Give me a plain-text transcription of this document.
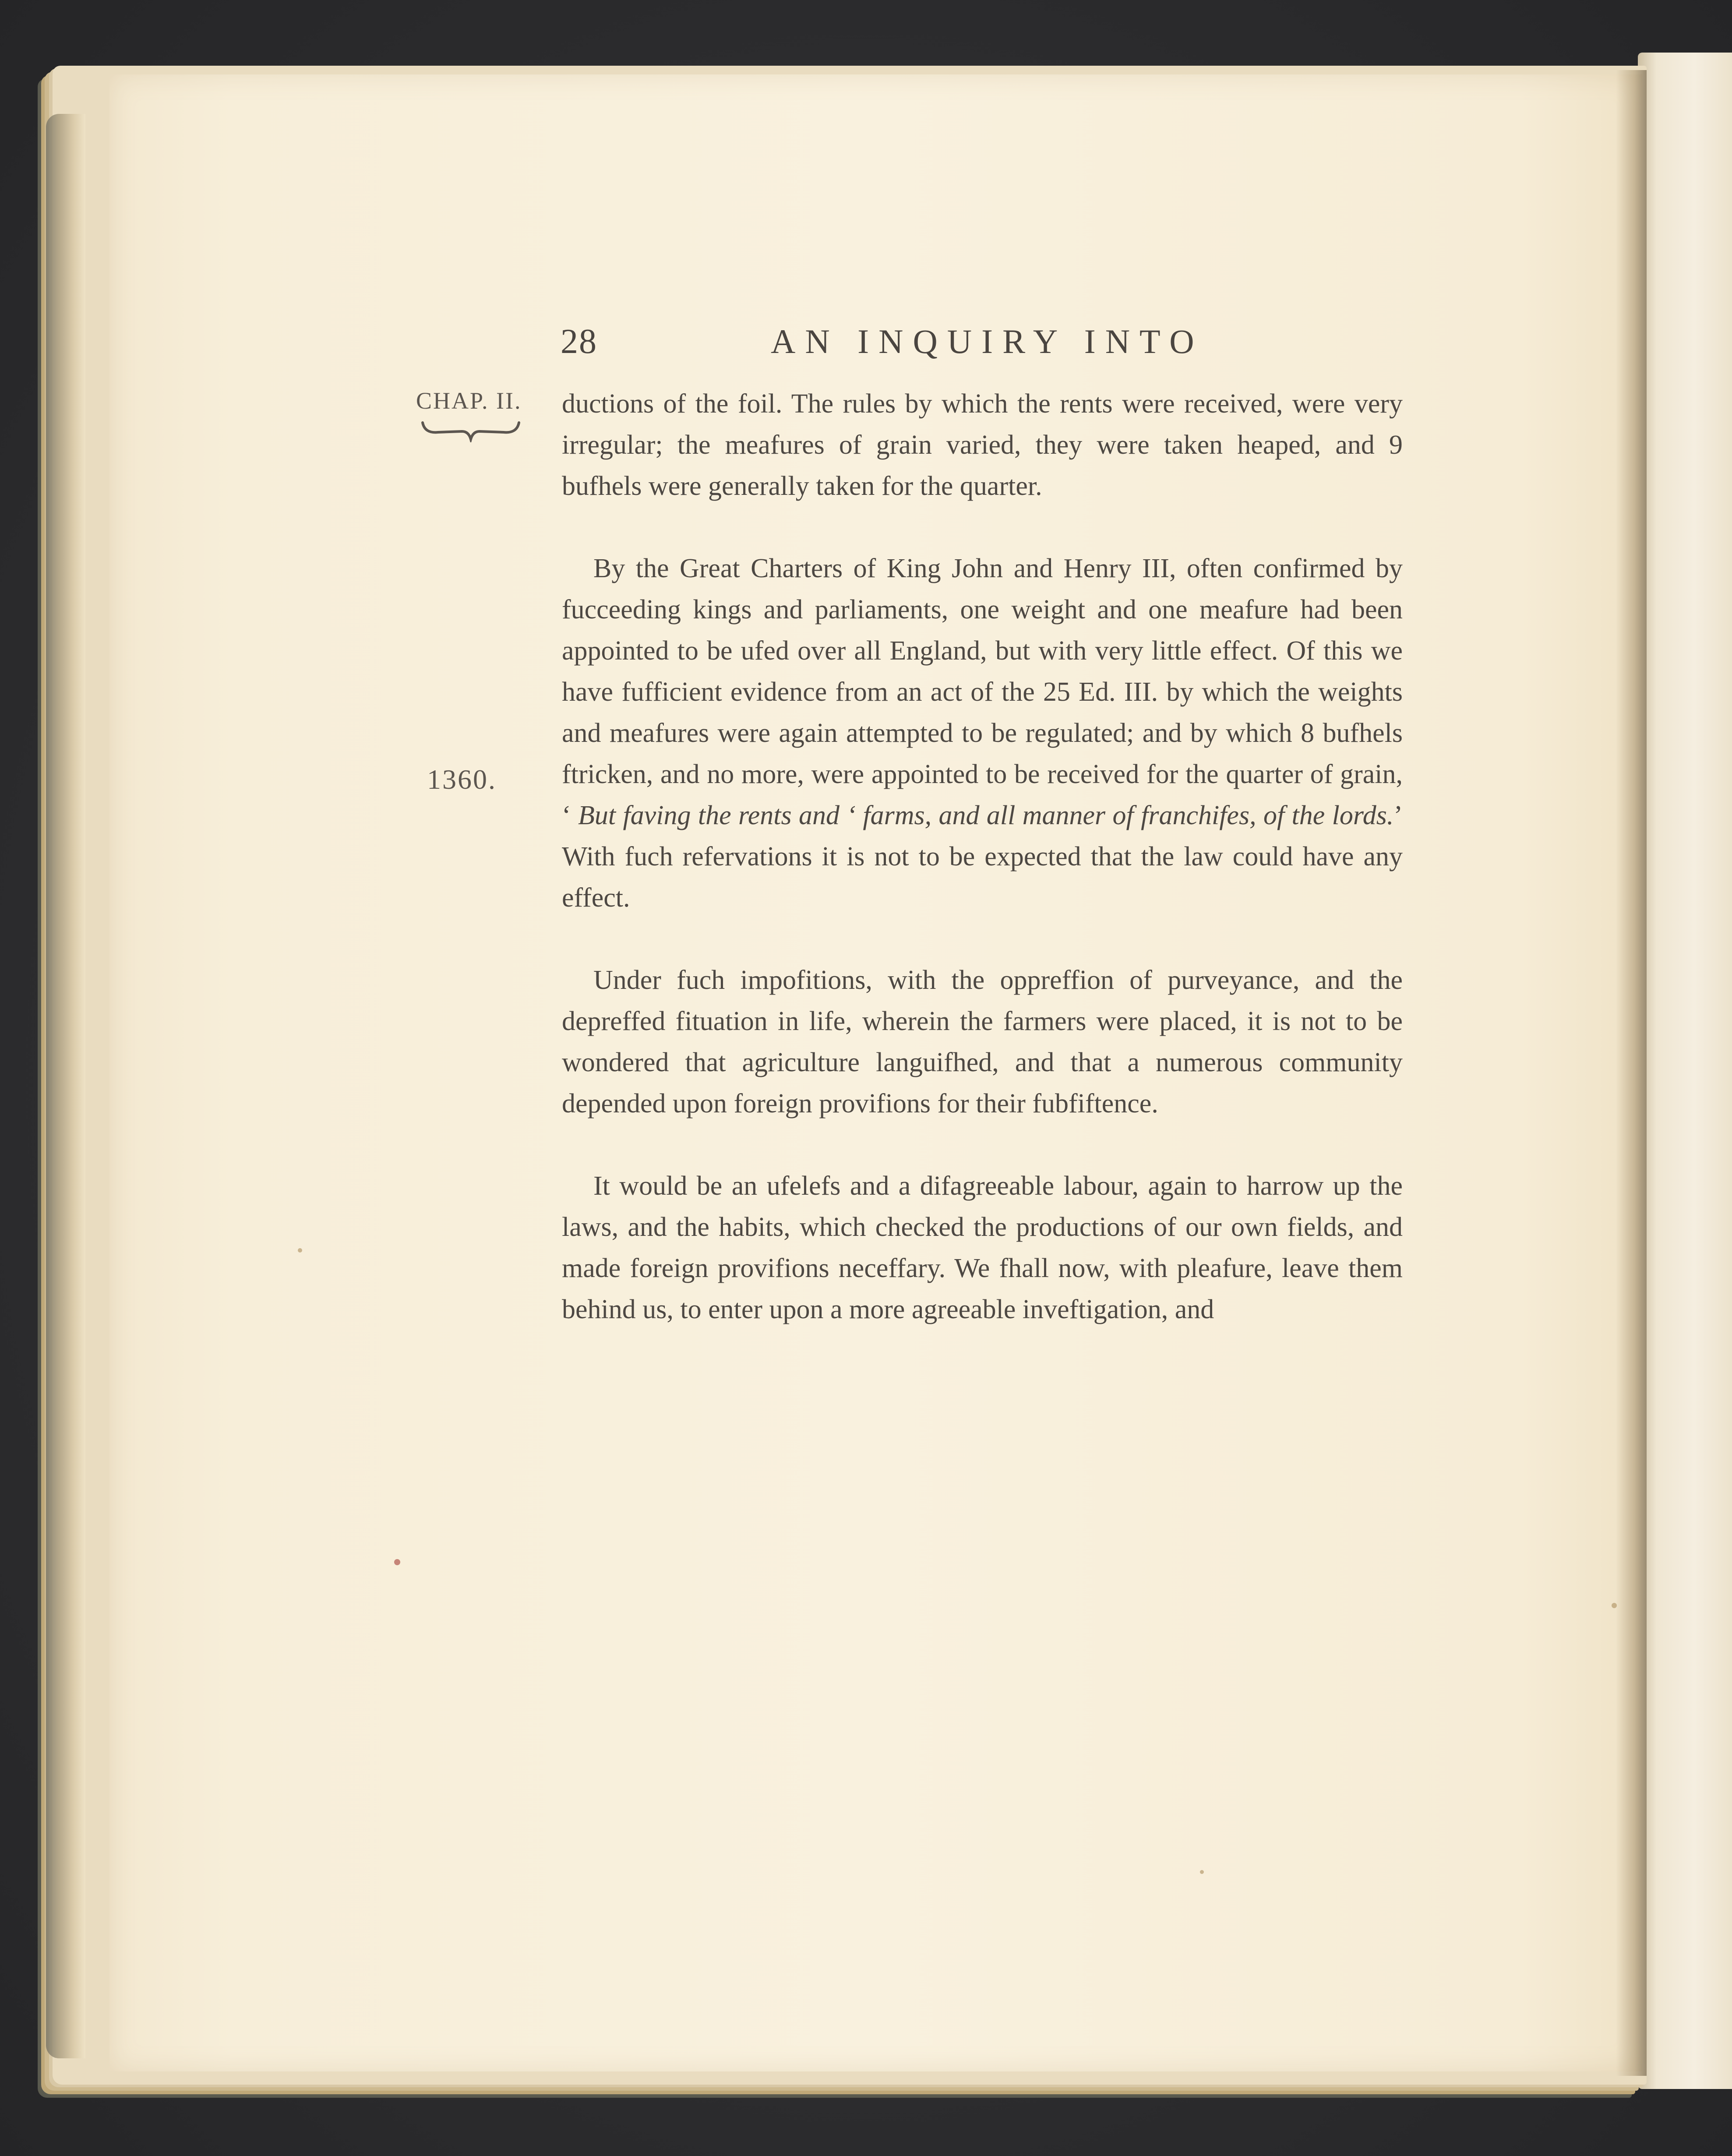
28	AN INQUIRY INTO
CHAP. II.
1360.

ductions of the foil. The rules by which the rents were received, were very irregular; the meafures of grain varied, they were taken heaped, and 9 bufhels were generally taken for the quarter.

By the Great Charters of King John and Henry III, often confirmed by fucceeding kings and parliaments, one weight and one meafure had been appointed to be ufed over all England, but with very little effect. Of this we have fufficient evidence from an act of the 25 Ed. III. by which the weights and meafures were again attempted to be regulated; and by which 8 bufhels ftricken, and no more, were appointed to be received for the quarter of grain, ‘ But faving the rents and ‘ farms, and all manner of franchifes, of the lords.’ With fuch refervations it is not to be expected that the law could have any effect.

Under fuch impofitions, with the oppreffion of purveyance, and the depreffed fituation in life, wherein the farmers were placed, it is not to be wondered that agriculture languifhed, and that a numerous community depended upon foreign provifions for their fubfiftence.

It would be an ufelefs and a difagreeable labour, again to harrow up the laws, and the habits, which checked the productions of our own fields, and made foreign provifions neceffary. We fhall now, with pleafure, leave them behind us, to enter upon a more agreeable inveftigation, and
